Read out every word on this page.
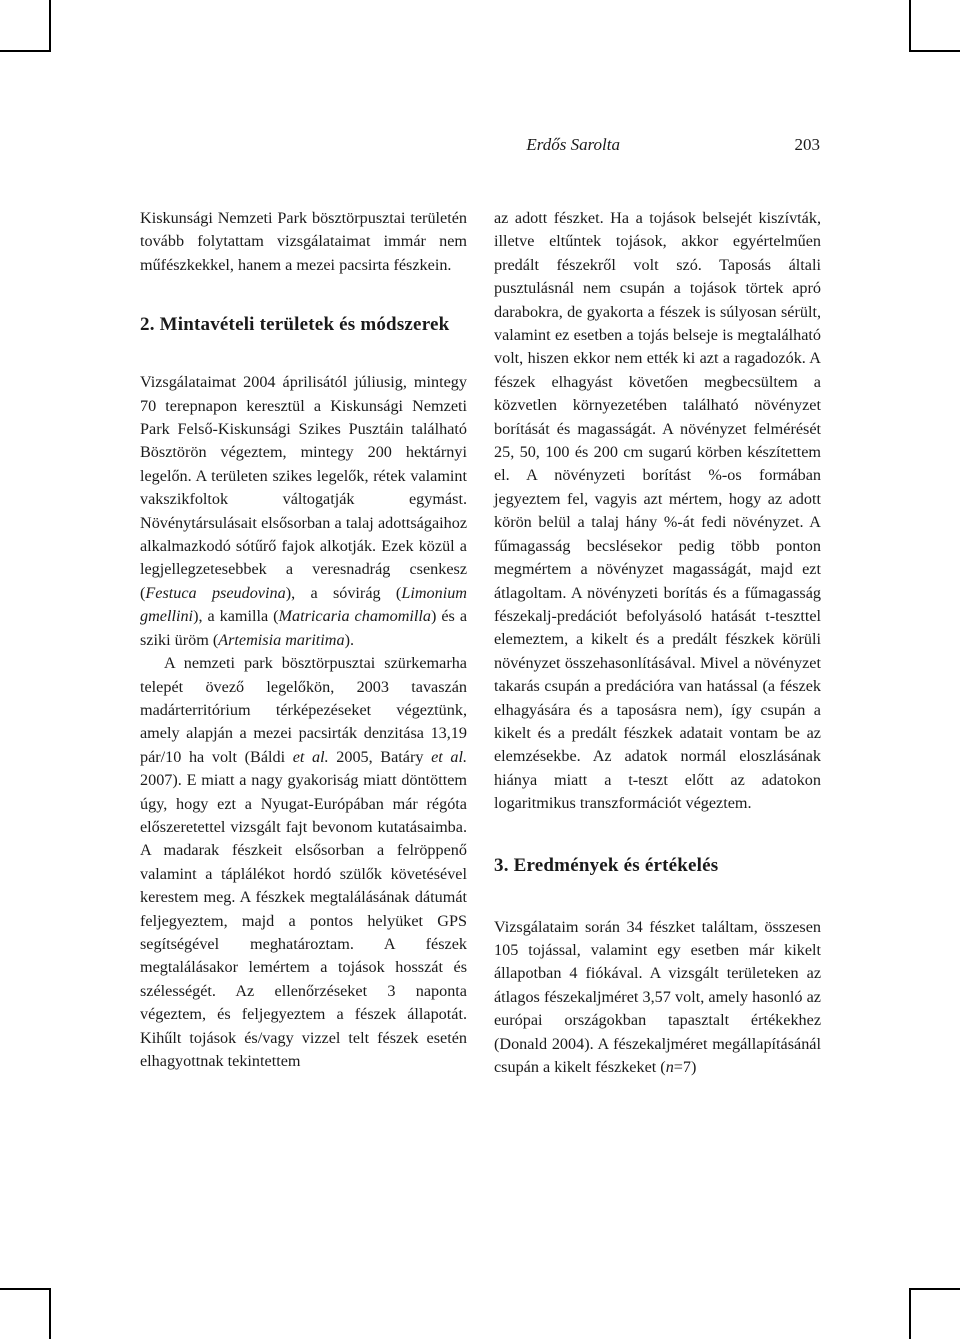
Erdős Sarolta	203

Kiskunsági Nemzeti Park bösztörpusztai területén tovább folytattam vizsgálataimat immár nem műfészkekkel, hanem a mezei pacsirta fészkein.

2. Mintavételi területek és módszerek

Vizsgálataimat 2004 áprilisától júliusig, mintegy 70 terepnapon keresztül a Kiskunsági Nemzeti Park Felső-Kiskunsági Szikes Pusztáin található Bösztörön végeztem, mintegy 200 hektárnyi legelőn. A területen szikes legelők, rétek valamint vakszikfoltok váltogatják egymást. Növénytársulásait elsősorban a talaj adottságaihoz alkalmazkodó sótűrő fajok alkotják. Ezek közül a legjellegzetesebbek a veresnadrág csenkesz (Festuca pseudovina), a sóvirág (Limonium gmellini), a kamilla (Matricaria chamomilla) és a sziki üröm (Artemisia maritima).

A nemzeti park bösztörpusztai szürkemarha telepét övező legelőkön, 2003 tavaszán madárterritórium térképezéseket végeztünk, amely alapján a mezei pacsirták denzitása 13,19 pár/10 ha volt (Báldi et al. 2005, Batáry et al. 2007). E miatt a nagy gyakoriság miatt döntöttem úgy, hogy ezt a Nyugat-Európában már régóta előszeretettel vizsgált fajt bevonom kutatásaimba. A madarak fészkeit elsősorban a felröppenő valamint a táplálékot hordó szülők követésével kerestem meg. A fészkek megtalálásának dátumát feljegyeztem, majd a pontos helyüket GPS segítségével meghatároztam. A fészek megtalálásakor lemértem a tojások hosszát és szélességét. Az ellenőrzéseket 3 naponta végeztem, és feljegyeztem a fészek állapotát. Kihűlt tojások és/vagy vizzel telt fészek esetén elhagyottnak tekintettem

az adott fészket. Ha a tojások belsejét kiszívták, illetve eltűntek tojások, akkor egyértelműen predált fészekről volt szó. Taposás általi pusztulásnál nem csupán a tojások törtek apró darabokra, de gyakorta a fészek is súlyosan sérült, valamint ez esetben a tojás belseje is megtalálható volt, hiszen ekkor nem ették ki azt a ragadozók. A fészek elhagyást követően megbecsültem a közvetlen környezetében található növényzet borítását és magasságát. A növényzet felmérését 25, 50, 100 és 200 cm sugarú körben készítettem el. A növényzeti borítást %-os formában jegyeztem fel, vagyis azt mértem, hogy az adott körön belül a talaj hány %-át fedi növényzet. A fűmagasság becslésekor pedig több ponton megmértem a növényzet magasságát, majd ezt átlagoltam. A növényzeti borítás és a fűmagasság fészekalj-predációt befolyásoló hatását t-teszttel elemeztem, a kikelt és a predált fészkek körüli növényzet összehasonlításával. Mivel a növényzet takarás csupán a predációra van hatással (a fészek elhagyására és a taposásra nem), így csupán a kikelt és a predált fészkek adatait vontam be az elemzésekbe. Az adatok normál eloszlásának hiánya miatt a t-teszt előtt az adatokon logaritmikus transzformációt végeztem.

3. Eredmények és értékelés

Vizsgálataim során 34 fészket találtam, összesen 105 tojással, valamint egy esetben már kikelt állapotban 4 fiókával. A vizsgált területeken az átlagos fészekaljméret 3,57 volt, amely hasonló az európai országokban tapasztalt értékekhez (Donald 2004). A fészekaljméret megállapításánál csupán a kikelt fészkeket (n=7)
